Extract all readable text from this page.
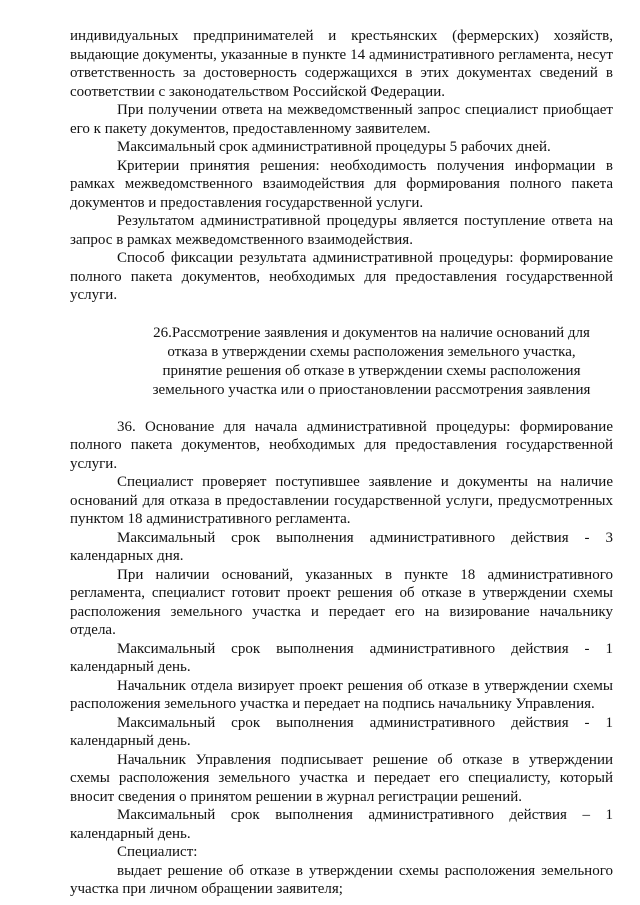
индивидуальных предпринимателей и крестьянских (фермерских) хозяйств, выдающие документы, указанные в пункте 14 административного регламента, несут ответственность за достоверность содержащихся в этих документах сведений в соответствии с законодательством Российской Федерации.

При получении ответа на межведомственный запрос специалист приобщает его к пакету документов, предоставленному заявителем.

Максимальный срок административной процедуры 5 рабочих дней.

Критерии принятия решения: необходимость получения информации в рамках межведомственного взаимодействия для формирования полного пакета документов и предоставления государственной услуги.

Результатом административной процедуры является поступление ответа на запрос в рамках межведомственного взаимодействия.

Способ фиксации результата административной процедуры: формирование полного пакета документов, необходимых для предоставления государственной услуги.

26.Рассмотрение заявления и документов на наличие оснований для отказа в утверждении схемы расположения земельного участка, принятие решения об отказе в утверждении схемы расположения земельного участка или о приостановлении рассмотрения заявления

36. Основание для начала административной процедуры: формирование полного пакета документов, необходимых для предоставления государственной услуги.

Специалист проверяет поступившее заявление и документы на наличие оснований для отказа в предоставлении государственной услуги, предусмотренных пунктом 18 административного регламента.

Максимальный срок выполнения административного действия - 3 календарных дня.

При наличии оснований, указанных в пункте 18 административного регламента, специалист готовит проект решения об отказе в утверждении схемы расположения земельного участка и передает его на визирование начальнику отдела.

Максимальный срок выполнения административного действия - 1 календарный день.

Начальник отдела визирует проект решения об отказе в утверждении схемы расположения земельного участка и передает на подпись начальнику Управления.

Максимальный срок выполнения административного действия - 1 календарный день.

Начальник Управления подписывает решение об отказе в утверждении схемы расположения земельного участка и передает его специалисту, который вносит сведения о принятом решении в журнал регистрации решений.

Максимальный срок выполнения административного действия – 1 календарный день.

Специалист:

выдает решение об отказе в утверждении схемы расположения земельного участка при личном обращении заявителя;
